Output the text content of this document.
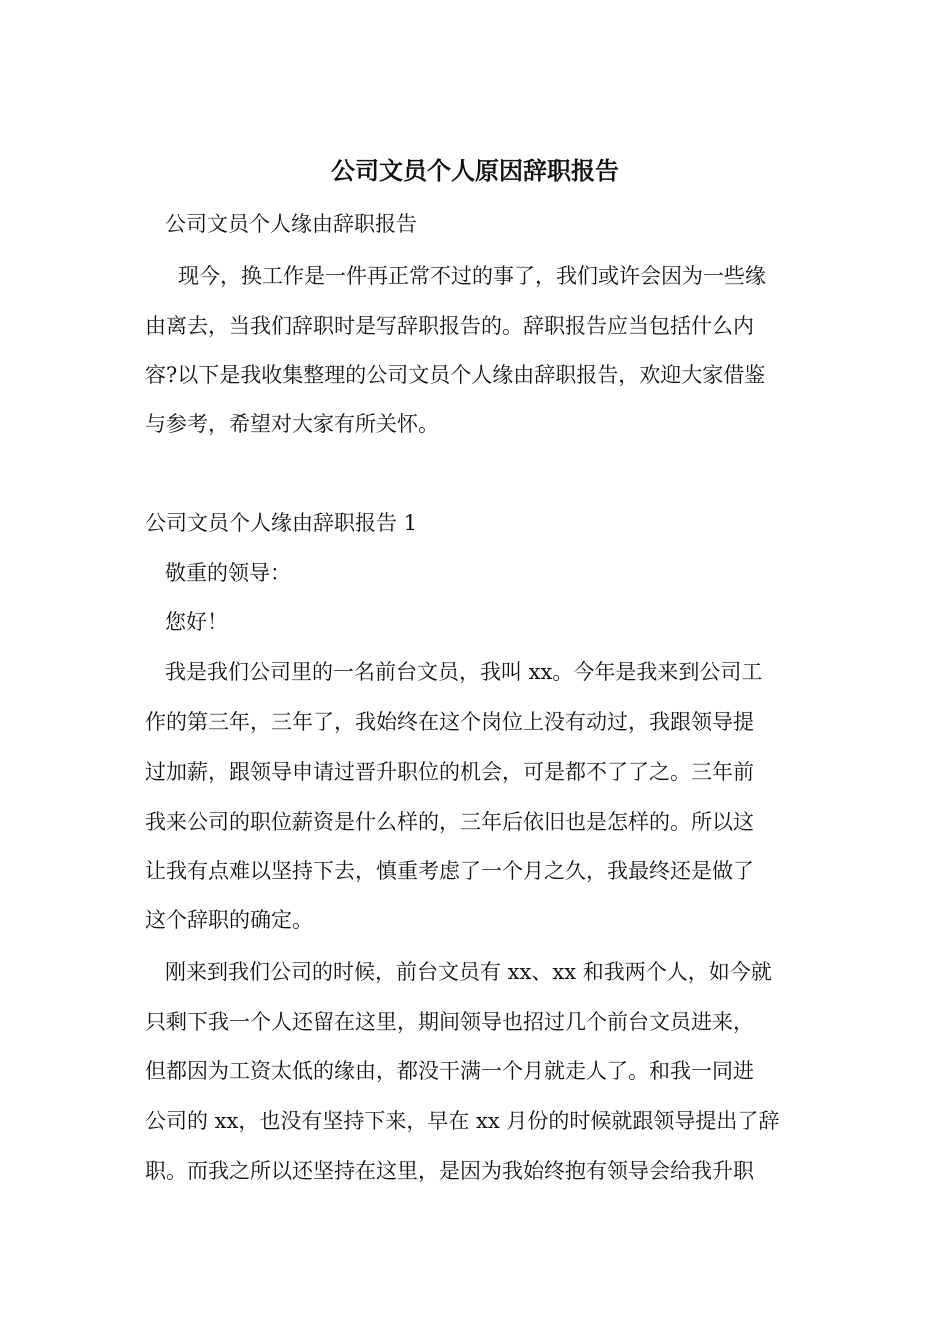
公司文员个人原因辞职报告

公司文员个人缘由辞职报告

现今，换工作是一件再正常不过的事了，我们或许会因为一些缘

由离去，当我们辞职时是写辞职报告的。辞职报告应当包括什么内

容?以下是我收集整理的公司文员个人缘由辞职报告，欢迎大家借鉴

与参考，希望对大家有所关怀。

公司文员个人缘由辞职报告 1

敬重的领导：

您好！

我是我们公司里的一名前台文员，我叫 xx。今年是我来到公司工

作的第三年，三年了，我始终在这个岗位上没有动过，我跟领导提

过加薪，跟领导申请过晋升职位的机会，可是都不了了之。三年前

我来公司的职位薪资是什么样的，三年后依旧也是怎样的。所以这

让我有点难以坚持下去，慎重考虑了一个月之久，我最终还是做了

这个辞职的确定。

刚来到我们公司的时候，前台文员有 xx、xx 和我两个人，如今就

只剩下我一个人还留在这里，期间领导也招过几个前台文员进来，

但都因为工资太低的缘由，都没干满一个月就走人了。和我一同进

公司的 xx，也没有坚持下来，早在 xx 月份的时候就跟领导提出了辞

职。而我之所以还坚持在这里，是因为我始终抱有领导会给我升职
